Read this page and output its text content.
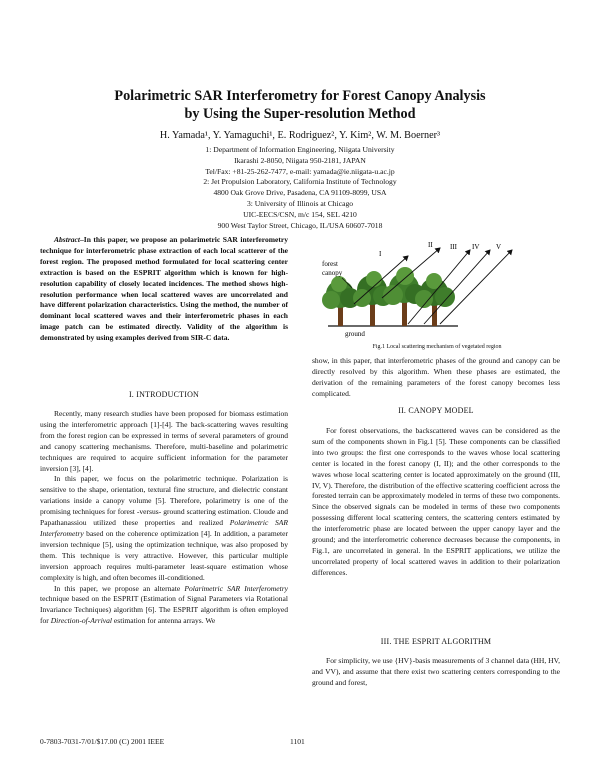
Polarimetric SAR Interferometry for Forest Canopy Analysis
by Using the Super-resolution Method
H. Yamada¹, Y. Yamaguchi¹, E. Rodriguez², Y. Kim², W. M. Boerner³
1: Department of Information Engineering, Niigata University
Ikarashi 2-8050, Niigata 950-2181, JAPAN
Tel/Fax: +81-25-262-7477, e-mail: yamada@ie.niigata-u.ac.jp
2: Jet Propulsion Laboratory, California Institute of Technology
4800 Oak Grove Drive, Pasadena, CA 91109-8099, USA
3: University of Illinois at Chicago
UIC-EECS/CSN, m/c 154, SEL 4210
900 West Taylor Street, Chicago, IL/USA 60607-7018

Abstract–In this paper, we propose an polarimetric SAR interferometry technique for interferometric phase extraction of each local scatterer of the forest region. The proposed method formulated for local scattering center extraction is based on the ESPRIT algorithm which is known for high-resolution capability of closely located incidences. The method shows high-resolution performance when local scattered waves are uncorrelated and have different polarization characteristics. Using the method, the number of dominant local scattered waves and their interferometric phases in each image patch can be estimated directly. Validity of the algorithm is demonstrated by using examples derived from SIR-C data.

I. INTRODUCTION

Recently, many research studies have been proposed for biomass estimation using the interferometric approach [1]-[4]. The back-scattering waves resulting from the forest region can be expressed in terms of several parameters of ground and canopy scattering mechanisms. Therefore, multi-baseline and polarimetric techniques are required to acquire sufficient information for the parameter inversion [3], [4].

In this paper, we focus on the polarimetric technique. Polarization is sensitive to the shape, orientation, textural fine structure, and dielectric constant variations inside a canopy volume [5]. Therefore, polarimetry is one of the promising techniques for forest -versus- ground scattering estimation. Cloude and Papathanassiou utilized these properties and realized Polarimetric SAR Interferometry based on the coherence optimization [4]. In addition, a parameter inversion technique [5], using the optimization technique, was also proposed by them. This technique is very attractive. However, this particular multiple inversion approach requires multi-parameter least-square estimation whose complexity is high, and often becomes ill-conditioned.

In this paper, we propose an alternate Polarimetric SAR Interferometry technique based on the ESPRIT (Estimation of Signal Parameters via Rotational Invariance Techniques) algorithm [6]. The ESPRIT algorithm is often employed for Direction-of-Arrival estimation for antenna arrays. We

forest
canopy
ground
I
II III IV V
Fig.1 Local scattering mechanism of vegetated region

show, in this paper, that interferometric phases of the ground and canopy can be directly resolved by this algorithm. When these phases are estimated, the derivation of the remaining parameters of the forest canopy becomes less complicated.

II. CANOPY MODEL

For forest observations, the backscattered waves can be considered as the sum of the components shown in Fig.1 [5]. These components can be classified into two groups: the first one corresponds to the waves whose local scattering center is located in the forest canopy (I, II); and the other corresponds to the waves whose local scattering center is located approximately on the ground (III, IV, V). Therefore, the distribution of the effective scattering coefficient across the forested terrain can be approximately modeled in terms of these two components. Since the observed signals can be modeled in terms of these two components possessing different local scattering centers, the scattering centers estimated by the interferometric phase are located between the upper canopy layer and the ground; and the interferometric coherence decreases because the components, in Fig.1, are uncorrelated in general. In the ESPRIT applications, we utilize the uncorrelated property of local scattered waves in addition to their polarization differences.

III. THE ESPRIT ALGORITHM

For simplicity, we use {HV}-basis measurements of 3 channel data (HH, HV, and VV), and assume that there exist two scattering centers corresponding to the ground and forest,

0-7803-7031-7/01/$17.00 (C) 2001 IEEE	1101
